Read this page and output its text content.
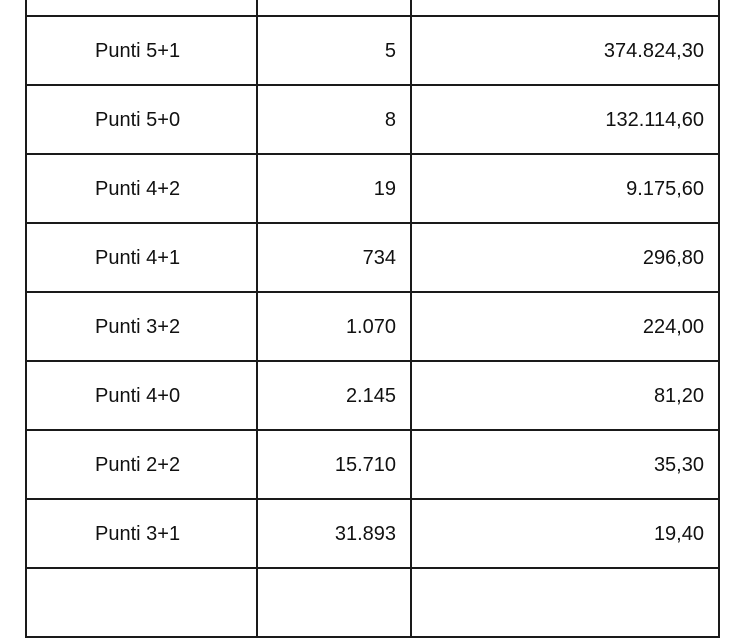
Punti 5+1	5	374.824,30
Punti 5+0	8	132.114,60
Punti 4+2	19	9.175,60
Punti 4+1	734	296,80
Punti 3+2	1.070	224,00
Punti 4+0	2.145	81,20
Punti 2+2	15.710	35,30
Punti 3+1	31.893	19,40
